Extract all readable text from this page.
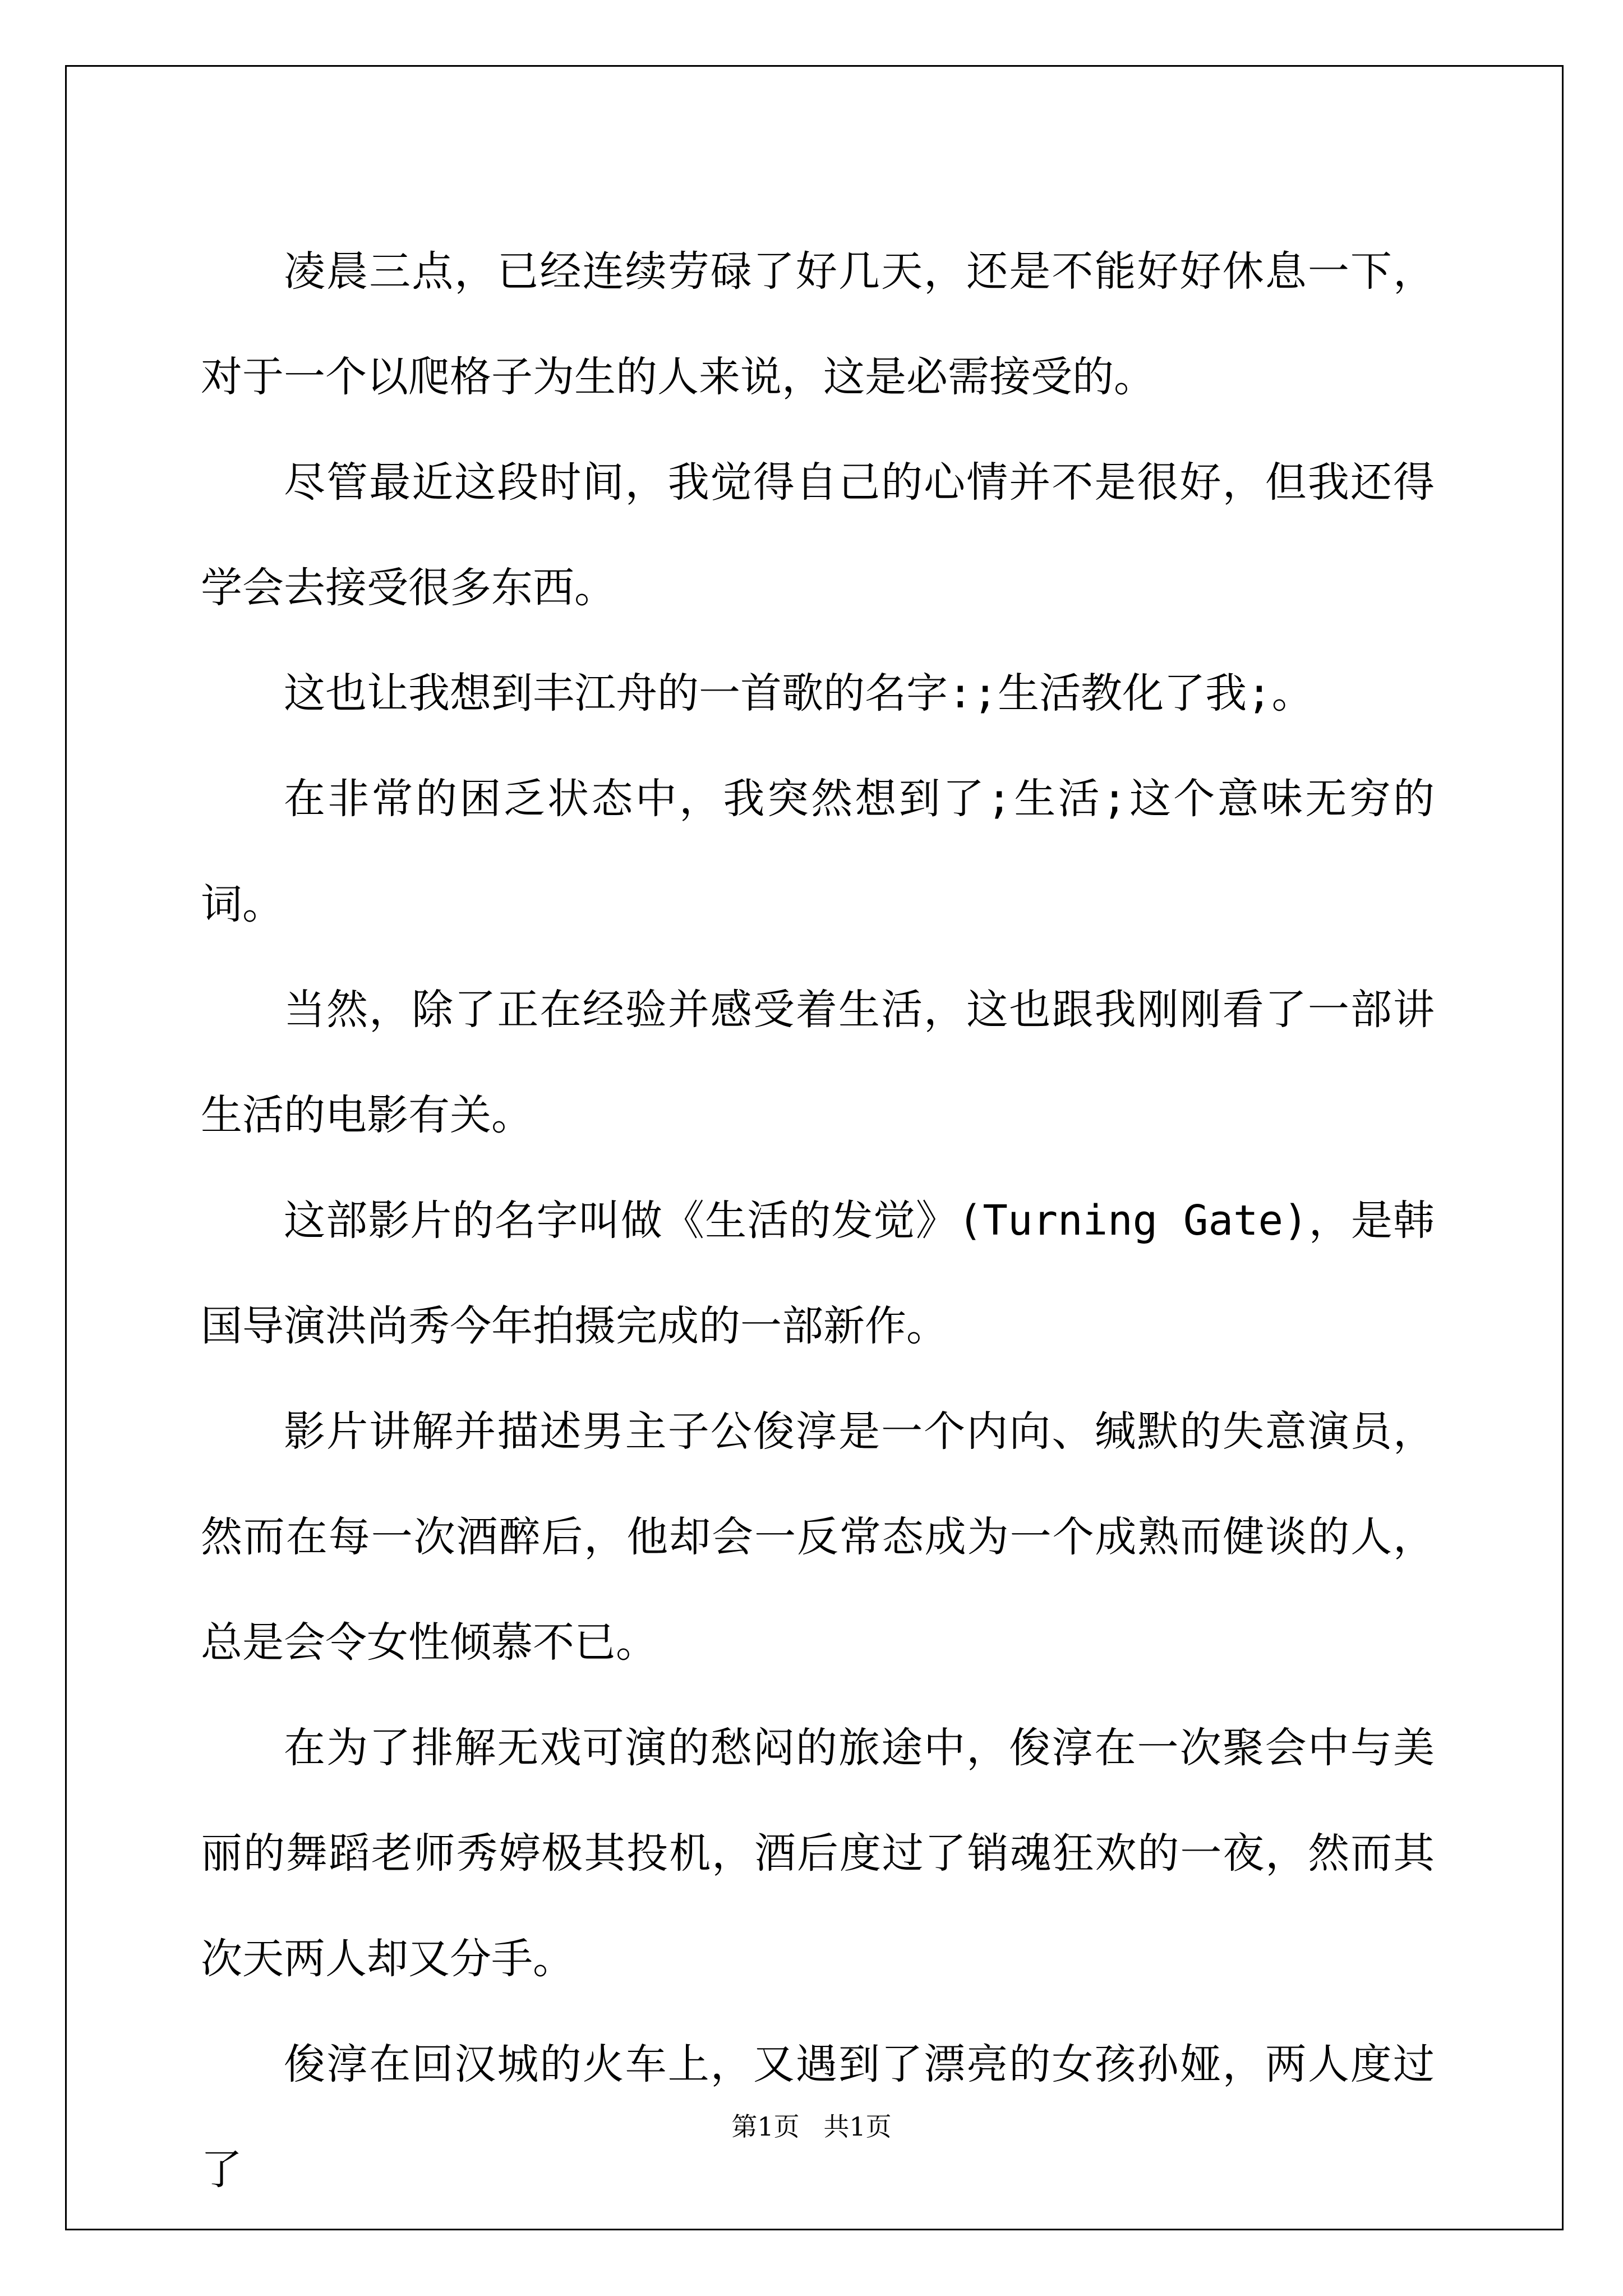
凌晨三点，已经连续劳碌了好几天，还是不能好好休息一下，对于一个以爬格子为生的人来说，这是必需接受的。

尽管最近这段时间，我觉得自己的心情并不是很好，但我还得学会去接受很多东西。

这也让我想到丰江舟的一首歌的名字:;生活教化了我;。

在非常的困乏状态中，我突然想到了;生活;这个意味无穷的词。

当然，除了正在经验并感受着生活，这也跟我刚刚看了一部讲生活的电影有关。

这部影片的名字叫做《生活的发觉》(Turning Gate)，是韩国导演洪尚秀今年拍摄完成的一部新作。

影片讲解并描述男主子公俊淳是一个内向、缄默的失意演员，然而在每一次酒醉后，他却会一反常态成为一个成熟而健谈的人，总是会令女性倾慕不已。

在为了排解无戏可演的愁闷的旅途中，俊淳在一次聚会中与美丽的舞蹈老师秀婷极其投机，酒后度过了销魂狂欢的一夜，然而其次天两人却又分手。

俊淳在回汉城的火车上，又遇到了漂亮的女孩孙娅，两人度过了

第1页 共1页
